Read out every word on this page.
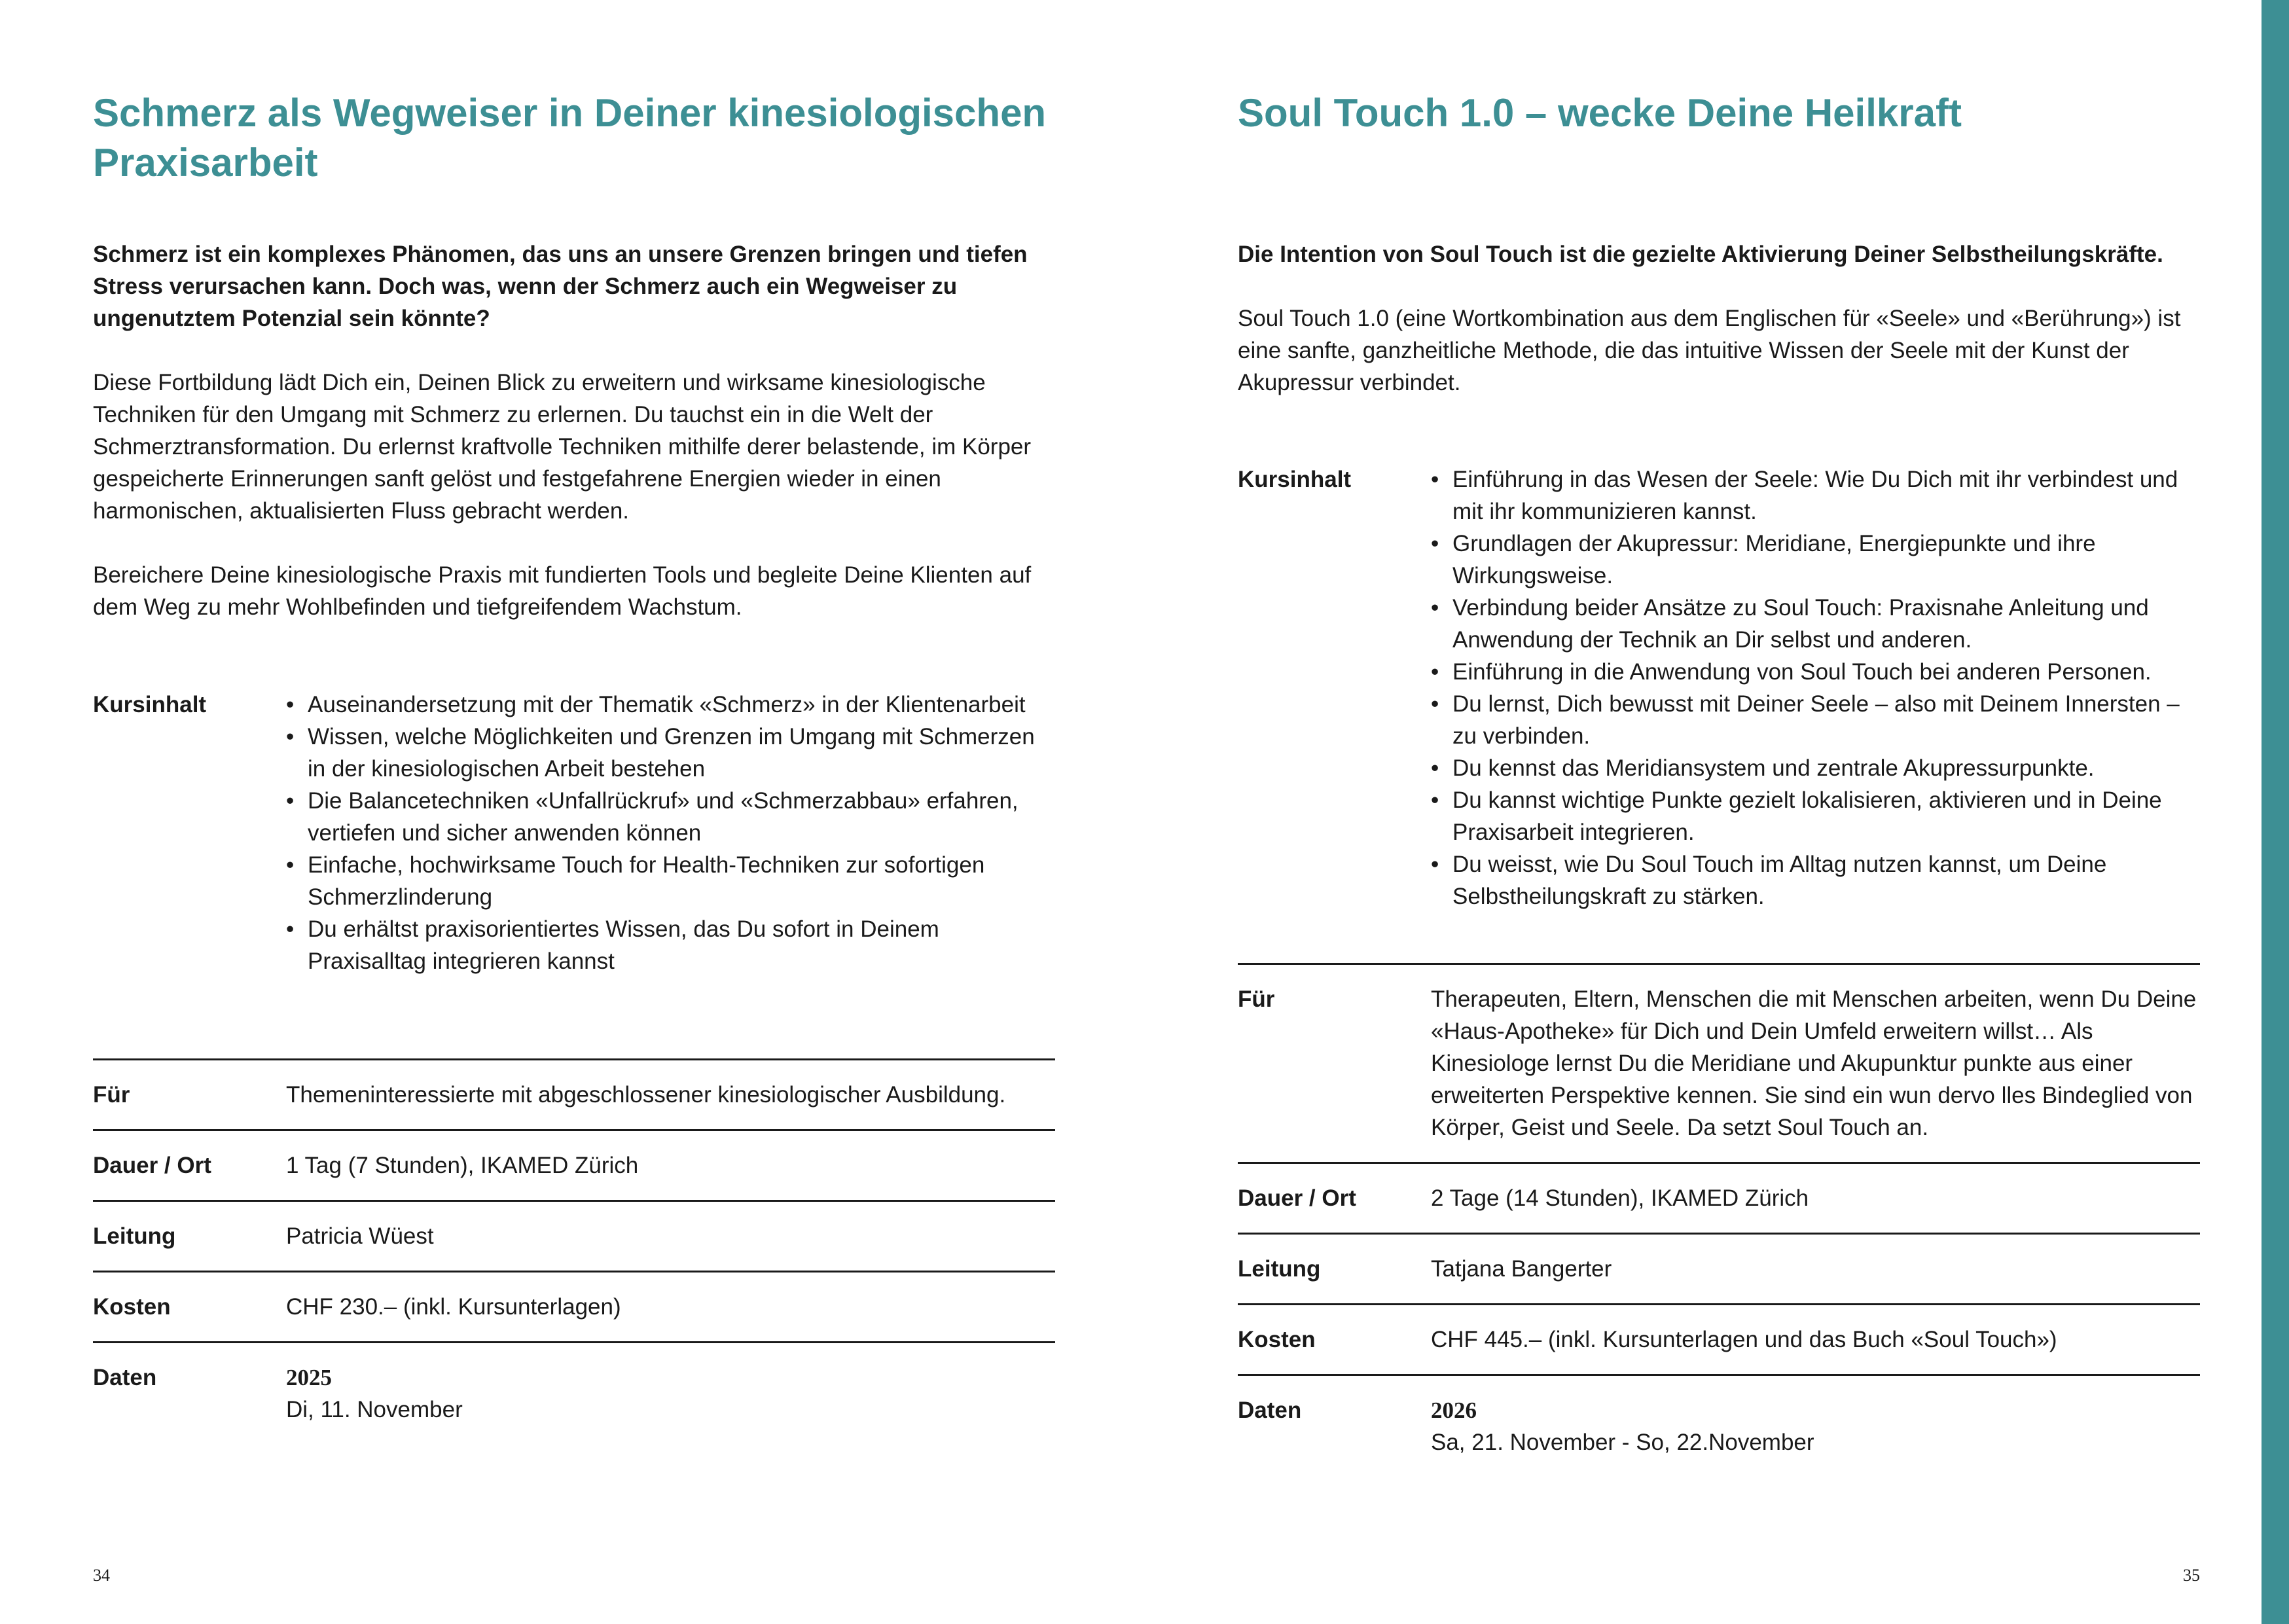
Schmerz als Wegweiser in Deiner kinesiologischen Praxisarbeit

Schmerz ist ein komplexes Phänomen, das uns an unsere Grenzen bringen und tiefen Stress verursachen kann. Doch was, wenn der Schmerz auch ein Wegweiser zu ungenutztem Potenzial sein könnte?

Diese Fortbildung lädt Dich ein, Deinen Blick zu erweitern und wirksame kinesiologische Techniken für den Umgang mit Schmerz zu erlernen. Du tauchst ein in die Welt der Schmerztransformation. Du erlernst kraftvolle Techniken mithilfe derer belastende, im Körper gespeicherte Erinnerungen sanft gelöst und festgefahrene Energien wieder in einen harmonischen, aktualisierten Fluss gebracht werden.

Bereichere Deine kinesiologische Praxis mit fundierten Tools und begleite Deine Klienten auf dem Weg zu mehr Wohlbefinden und tiefgreifendem Wachstum.

Kursinhalt	• Auseinandersetzung mit der Thematik «Schmerz» in der Klientenarbeit
• Wissen, welche Möglichkeiten und Grenzen im Umgang mit Schmerzen in der kinesiologischen Arbeit bestehen
• Die Balancetechniken «Unfallrückruf» und «Schmerzabbau» erfahren, vertiefen und sicher anwenden können
• Einfache, hochwirksame Touch for Health-Techniken zur sofortigen Schmerzlinderung
• Du erhältst praxisorientiertes Wissen, das Du sofort in Deinem Praxisalltag integrieren kannst
Für	Themeninteressierte mit abgeschlossener kinesiologischer Ausbildung.
Dauer / Ort	1 Tag (7 Stunden), IKAMED Zürich
Leitung	Patricia Wüest
Kosten	CHF 230.– (inkl. Kursunterlagen)
Daten	2025
Di, 11. November
34
Soul Touch 1.0 – wecke Deine Heilkraft

Die Intention von Soul Touch ist die gezielte Aktivierung Deiner Selbstheilungskräfte.

Soul Touch 1.0 (eine Wortkombination aus dem Englischen für «Seele» und «Berührung») ist eine sanfte, ganzheitliche Methode, die das intuitive Wissen der Seele mit der Kunst der Akupressur verbindet.

Kursinhalt	• Einführung in das Wesen der Seele: Wie Du Dich mit ihr verbindest und mit ihr kommunizieren kannst.
• Grundlagen der Akupressur: Meridiane, Energiepunkte und ihre Wirkungsweise.
• Verbindung beider Ansätze zu Soul Touch: Praxisnahe Anleitung und Anwendung der Technik an Dir selbst und anderen.
• Einführung in die Anwendung von Soul Touch bei anderen Personen.
• Du lernst, Dich bewusst mit Deiner Seele – also mit Deinem Innersten – zu verbinden.
• Du kennst das Meridiansystem und zentrale Akupressurpunkte.
• Du kannst wichtige Punkte gezielt lokalisieren, aktivieren und in Deine Praxisarbeit integrieren.
• Du weisst, wie Du Soul Touch im Alltag nutzen kannst, um Deine Selbstheilungskraft zu stärken.
Für	Therapeuten, Eltern, Menschen die mit Menschen arbeiten, wenn Du Deine «Haus-Apotheke» für Dich und Dein Umfeld erweitern willst… Als Kinesiologe lernst Du die Meridiane und Akupunktur punkte aus einer erweiterten Perspektive kennen. Sie sind ein wun dervo lles Bindeglied von Körper, Geist und Seele. Da setzt Soul Touch an.
Dauer / Ort	2 Tage (14 Stunden), IKAMED Zürich
Leitung	Tatjana Bangerter
Kosten	CHF 445.– (inkl. Kursunterlagen und das Buch «Soul Touch»)
Daten	2026
Sa, 21. November - So, 22.November
35
